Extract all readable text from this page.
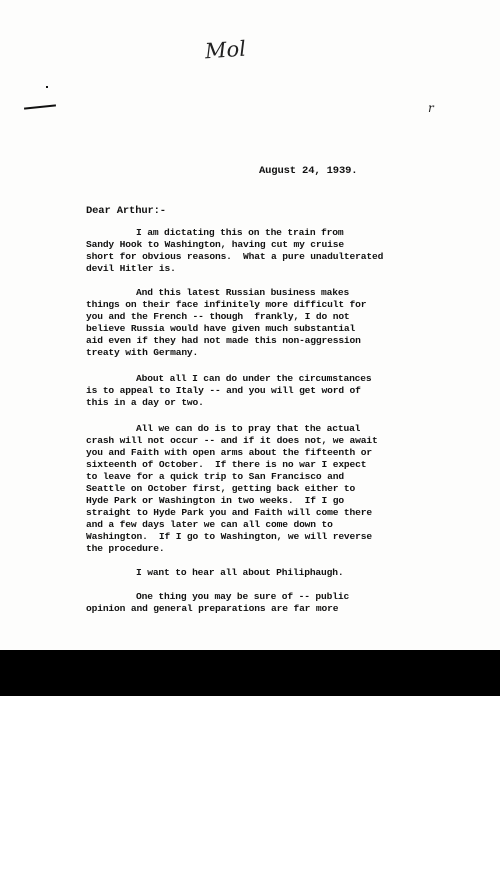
Mol
r

August 24, 1939.

Dear Arthur:-

I am dictating this on the train from

Sandy Hook to Washington, having cut my cruise

short for obvious reasons.  What a pure unadulterated

devil Hitler is.

And this latest Russian business makes

things on their face infinitely more difficult for

you and the French -- though  frankly, I do not

believe Russia would have given much substantial

aid even if they had not made this non-aggression

treaty with Germany.

About all I can do under the circumstances

is to appeal to Italy -- and you will get word of

this in a day or two.

All we can do is to pray that the actual

crash will not occur -- and if it does not, we await

you and Faith with open arms about the fifteenth or

sixteenth of October.  If there is no war I expect

to leave for a quick trip to San Francisco and

Seattle on October first, getting back either to

Hyde Park or Washington in two weeks.  If I go

straight to Hyde Park you and Faith will come there

and a few days later we can all come down to

Washington.  If I go to Washington, we will reverse

the procedure.

I want to hear all about Philiphaugh.

One thing you may be sure of -- public

opinion and general preparations are far more
